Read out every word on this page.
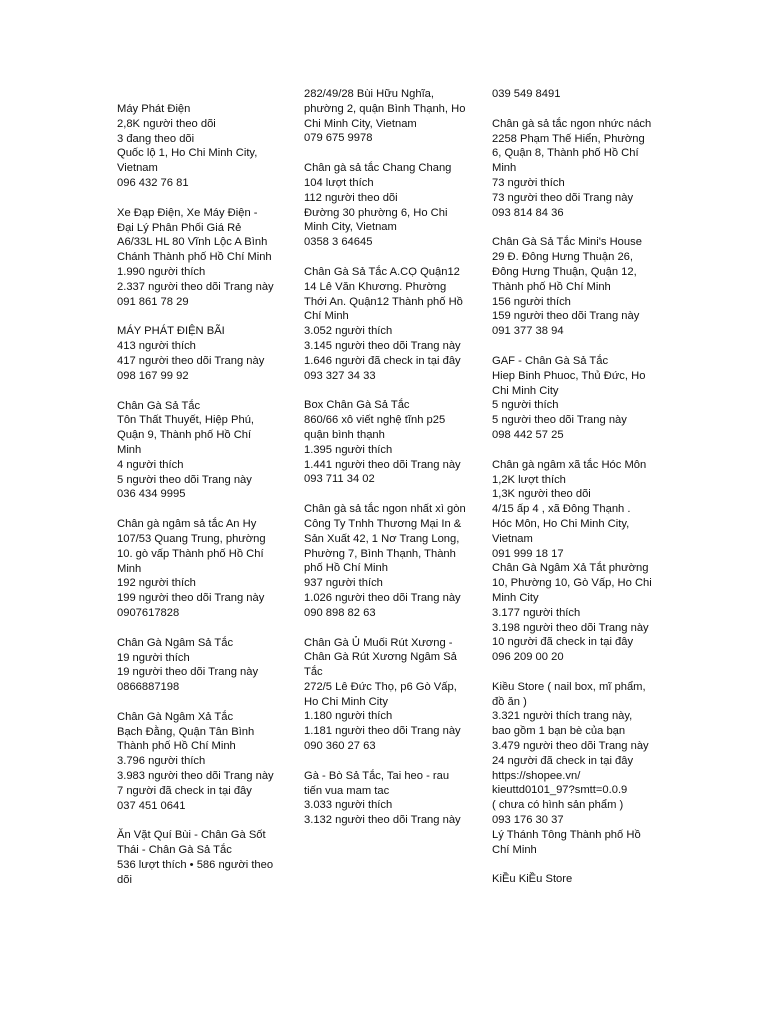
Máy Phát Điện
2,8K người theo dõi
3 đang theo dõi
Quốc lộ 1, Ho Chi Minh City, Vietnam
096 432 76 81
Xe Đạp Điện, Xe Máy Điện - Đại Lý Phân Phối Giá Rẻ
A6/33L HL 80 Vĩnh Lộc A Bình Chánh Thành phố Hồ Chí Minh
1.990 người thích
2.337 người theo dõi Trang này
091 861 78 29
MÁY PHÁT ĐIỆN BÃI
413 người thích
417 người theo dõi Trang này
098 167 99 92
Chân Gà Sả Tắc
Tôn Thất Thuyết, Hiệp Phú, Quận 9, Thành phố Hồ Chí Minh
4 người thích
5 người theo dõi Trang này
036 434 9995
Chân gà ngâm sả tắc An Hy
107/53 Quang Trung, phường 10. gò vấp Thành phố Hồ Chí Minh
192 người thích
199 người theo dõi Trang này
0907617828
Chân Gà Ngâm Sả Tắc
19 người thích
19 người theo dõi Trang này
0866887198
Chân Gà Ngâm Xả Tắc
Bạch Đằng, Quận Tân Bình Thành phố Hồ Chí Minh
3.796 người thích
3.983 người theo dõi Trang này
7 người đã check in tại đây
037 451 0641
Ăn Vặt Quí Bùi - Chân Gà Sốt Thái - Chân Gà Sả Tắc
536 lượt thích • 586 người theo dõi
282/49/28 Bùi Hữu Nghĩa, phường 2, quận Bình Thạnh, Ho Chi Minh City, Vietnam
079 675 9978
Chân gà sả tắc Chang Chang
104 lượt thích
112 người theo dõi
Đường 30 phường 6, Ho Chi Minh City, Vietnam
0358 3 64645
Chân Gà Sả Tắc A.CỌ Quận12
14 Lê Văn Khương. Phường Thới An. Quận12 Thành phố Hồ Chí Minh
3.052 người thích
3.145 người theo dõi Trang này
1.646 người đã check in tại đây
093 327 34 33
Box Chân Gà Sả Tắc
860/66 xô viết nghệ tĩnh p25 quận bình thạnh
1.395 người thích
1.441 người theo dõi Trang này
093 711 34 02
Chân gà sả tắc ngon nhất xì gòn
Công Ty Tnhh Thương Mại In & Sản Xuất 42, 1 Nơ Trang Long, Phường 7, Bình Thạnh, Thành phố Hồ Chí Minh
937 người thích
1.026 người theo dõi Trang này
090 898 82 63
Chân Gà Ủ Muối Rút Xương - Chân Gà Rút Xương Ngâm Sả Tắc
272/5 Lê Đức Thọ, p6 Gò Vấp, Ho Chi Minh City
1.180 người thích
1.181 người theo dõi Trang này
090 360 27 63
Gà - Bò Sả Tắc, Tai heo - rau tiến vua mam tac
3.033 người thích
3.132 người theo dõi Trang này
039 549 8491
Chân gà sả tắc ngon nhức nách
2258 Phạm Thế Hiển, Phường 6, Quận 8, Thành phố Hồ Chí Minh
73 người thích
73 người theo dõi Trang này
093 814 84 36
Chân Gà Sả Tắc Mini's House
29 Đ. Đông Hưng Thuận 26, Đông Hưng Thuận, Quận 12, Thành phố Hồ Chí Minh
156 người thích
159 người theo dõi Trang này
091 377 38 94
GAF - Chân Gà Sả Tắc
Hiep Binh Phuoc, Thủ Đức, Ho Chi Minh City
5 người thích
5 người theo dõi Trang này
098 442 57 25
Chân gà ngâm xã tắc Hóc Môn
1,2K lượt thích
1,3K người theo dõi
4/15 ấp 4 , xã Đông Thạnh . Hóc Môn, Ho Chi Minh City, Vietnam
091 999 18 17
Chân Gà Ngâm Xả Tắt phường 10, Phường 10, Gò Vấp, Ho Chi Minh City
3.177 người thích
3.198 người theo dõi Trang này
10 người đã check in tại đây
096 209 00 20
Kiều Store ( nail box, mĩ phẩm, đồ ăn )
3.321 người thích trang này, bao gồm 1 bạn bè của bạn
3.479 người theo dõi Trang này
24 người đã check in tại đây
https://shopee.vn/ kieuttd0101_97?smtt=0.0.9
( chưa có hình sản phẩm )
093 176 30 37
Lý Thánh Tông Thành phố Hồ Chí Minh
KiỀu KiỀu Store
